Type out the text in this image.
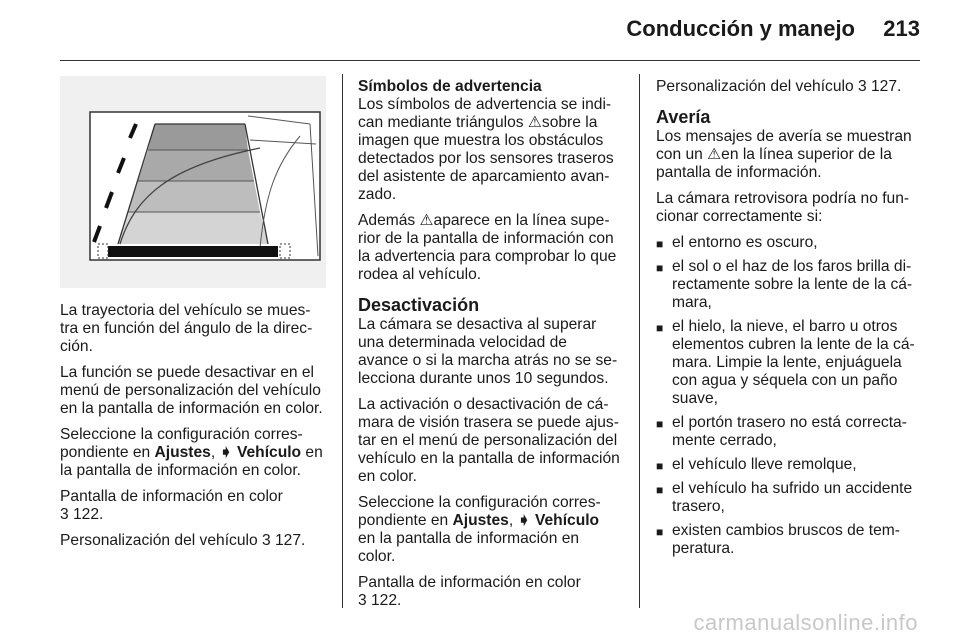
Conducción y manejo 213

La trayectoria del vehículo se mues-tra en función del ángulo de la direc-ción.

La función se puede desactivar en el menú de personalización del vehículo en la pantalla de información en color.

Seleccione la configuración corres-pondiente en Ajustes, ➧ Vehículo en la pantalla de información en color.

Pantalla de información en color
3 122.

Personalización del vehículo 3 127.

Símbolos de advertencia

Los símbolos de advertencia se indi-can mediante triángulos ⚠sobre la imagen que muestra los obstáculos detectados por los sensores traseros del asistente de aparcamiento avan-zado.

Además ⚠aparece en la línea supe-rior de la pantalla de información con la advertencia para comprobar lo que rodea al vehículo.

Desactivación

La cámara se desactiva al superar una determinada velocidad de avance o si la marcha atrás no se se-lecciona durante unos 10 segundos.

La activación o desactivación de cá-mara de visión trasera se puede ajus-tar en el menú de personalización del vehículo en la pantalla de información en color.

Seleccione la configuración corres-pondiente en Ajustes, ➧ Vehículo en la pantalla de información en color.

Pantalla de información en color
3 122.

Personalización del vehículo 3 127.

Avería

Los mensajes de avería se muestran con un ⚠en la línea superior de la pantalla de información.

La cámara retrovisora podría no fun-cionar correctamente si:

■ el entorno es oscuro,
■ el sol o el haz de los faros brilla di-rectamente sobre la lente de la cá-mara,
■ el hielo, la nieve, el barro u otros elementos cubren la lente de la cá-mara. Limpie la lente, enjuáguela con agua y séquela con un paño suave,
■ el portón trasero no está correcta-mente cerrado,
■ el vehículo lleve remolque,
■ el vehículo ha sufrido un accidente trasero,
■ existen cambios bruscos de tem-peratura.
carmanualsonline.info
